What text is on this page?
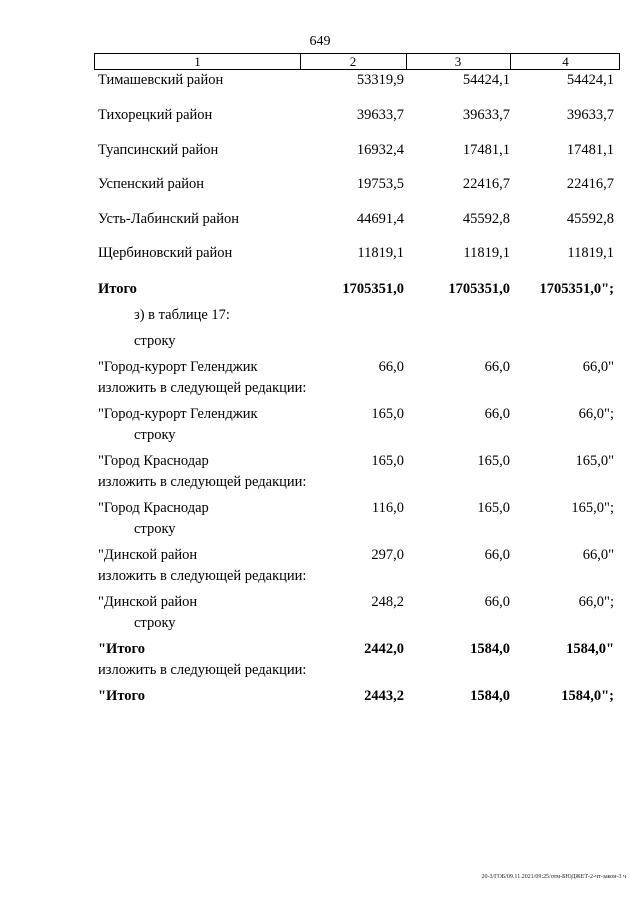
649
1	2	3	4
Тимашевский район	53319,9	54424,1	54424,1
Тихорецкий район	39633,7	39633,7	39633,7
Туапсинский район	16932,4	17481,1	17481,1
Успенский район	19753,5	22416,7	22416,7
Усть-Лабинский район	44691,4	45592,8	45592,8
Щербиновский район	11819,1	11819,1	11819,1
Итого	1705351,0	1705351,0	1705351,0";
з) в таблице 17:
строку
"Город-курорт Геленджик	66,0	66,0	66,0"
изложить в следующей редакции:
"Город-курорт Геленджик	165,0	66,0	66,0";
строку
"Город Краснодар	165,0	165,0	165,0"
изложить в следующей редакции:
"Город Краснодар	116,0	165,0	165,0";
строку
"Динской район	297,0	66,0	66,0"
изложить в следующей редакции:
"Динской район	248,2	66,0	66,0";
строку
"Итого	2442,0	1584,0	1584,0"
изложить в следующей редакции:
"Итого	2443,2	1584,0	1584,0";
20-3/ГОБ/09.11.2021/09:25/отм-БЮДЖЕТ-2-чт-закон-3 ч
